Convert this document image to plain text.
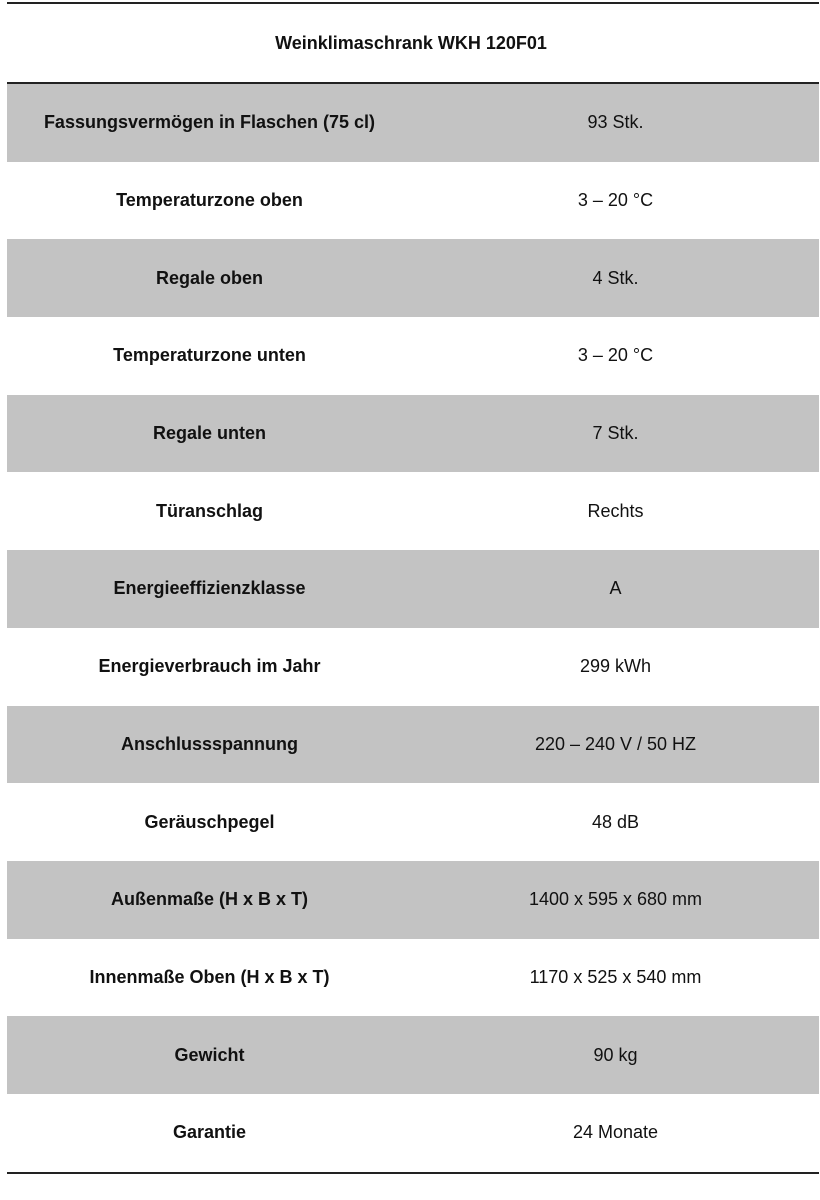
Weinklimaschrank WKH 120F01
Fassungsvermögen in Flaschen (75 cl)	93 Stk.
Temperaturzone oben	3 – 20 °C
Regale oben	4 Stk.
Temperaturzone unten	3 – 20 °C
Regale unten	7 Stk.
Türanschlag	Rechts
Energieeffizienzklasse	A
Energieverbrauch im Jahr	299 kWh
Anschlussspannung	220 – 240 V / 50 HZ
Geräuschpegel	48 dB
Außenmaße (H x B x T)	1400 x 595 x 680 mm
Innenmaße Oben (H x B x T)	1170 x 525 x 540 mm
Gewicht	90 kg
Garantie	24 Monate
